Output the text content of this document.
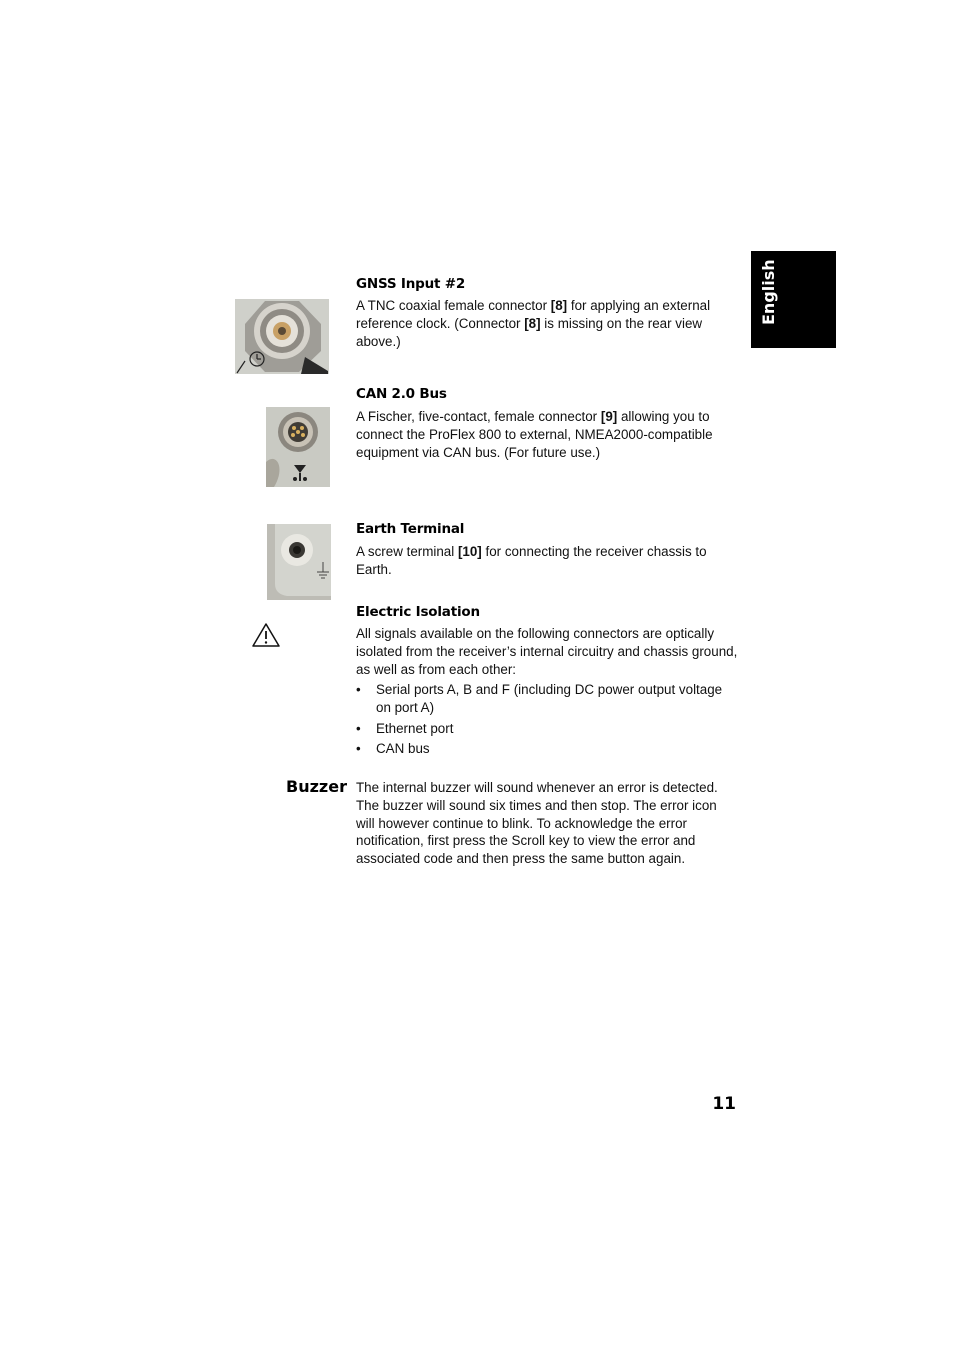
English
GNSS Input #2
A TNC coaxial female connector [8] for applying an external reference clock. (Connector [8] is missing on the rear view above.)
CAN 2.0 Bus
A Fischer, five-contact, female connector [9] allowing you to connect the ProFlex 800 to external, NMEA2000-compatible equipment via CAN bus. (For future use.)
Earth Terminal
A screw terminal [10] for connecting the receiver chassis to Earth.
Electric Isolation
All signals available on the following connectors are optically isolated from the receiver’s internal circuitry and chassis ground, as well as from each other:
• Serial ports A, B and F (including DC power output voltage on port A)
• Ethernet port
• CAN bus
Buzzer The internal buzzer will sound whenever an error is detected. The buzzer will sound six times and then stop. The error icon will however continue to blink. To acknowledge the error notification, first press the Scroll key to view the error and associated code and then press the same button again.
11
